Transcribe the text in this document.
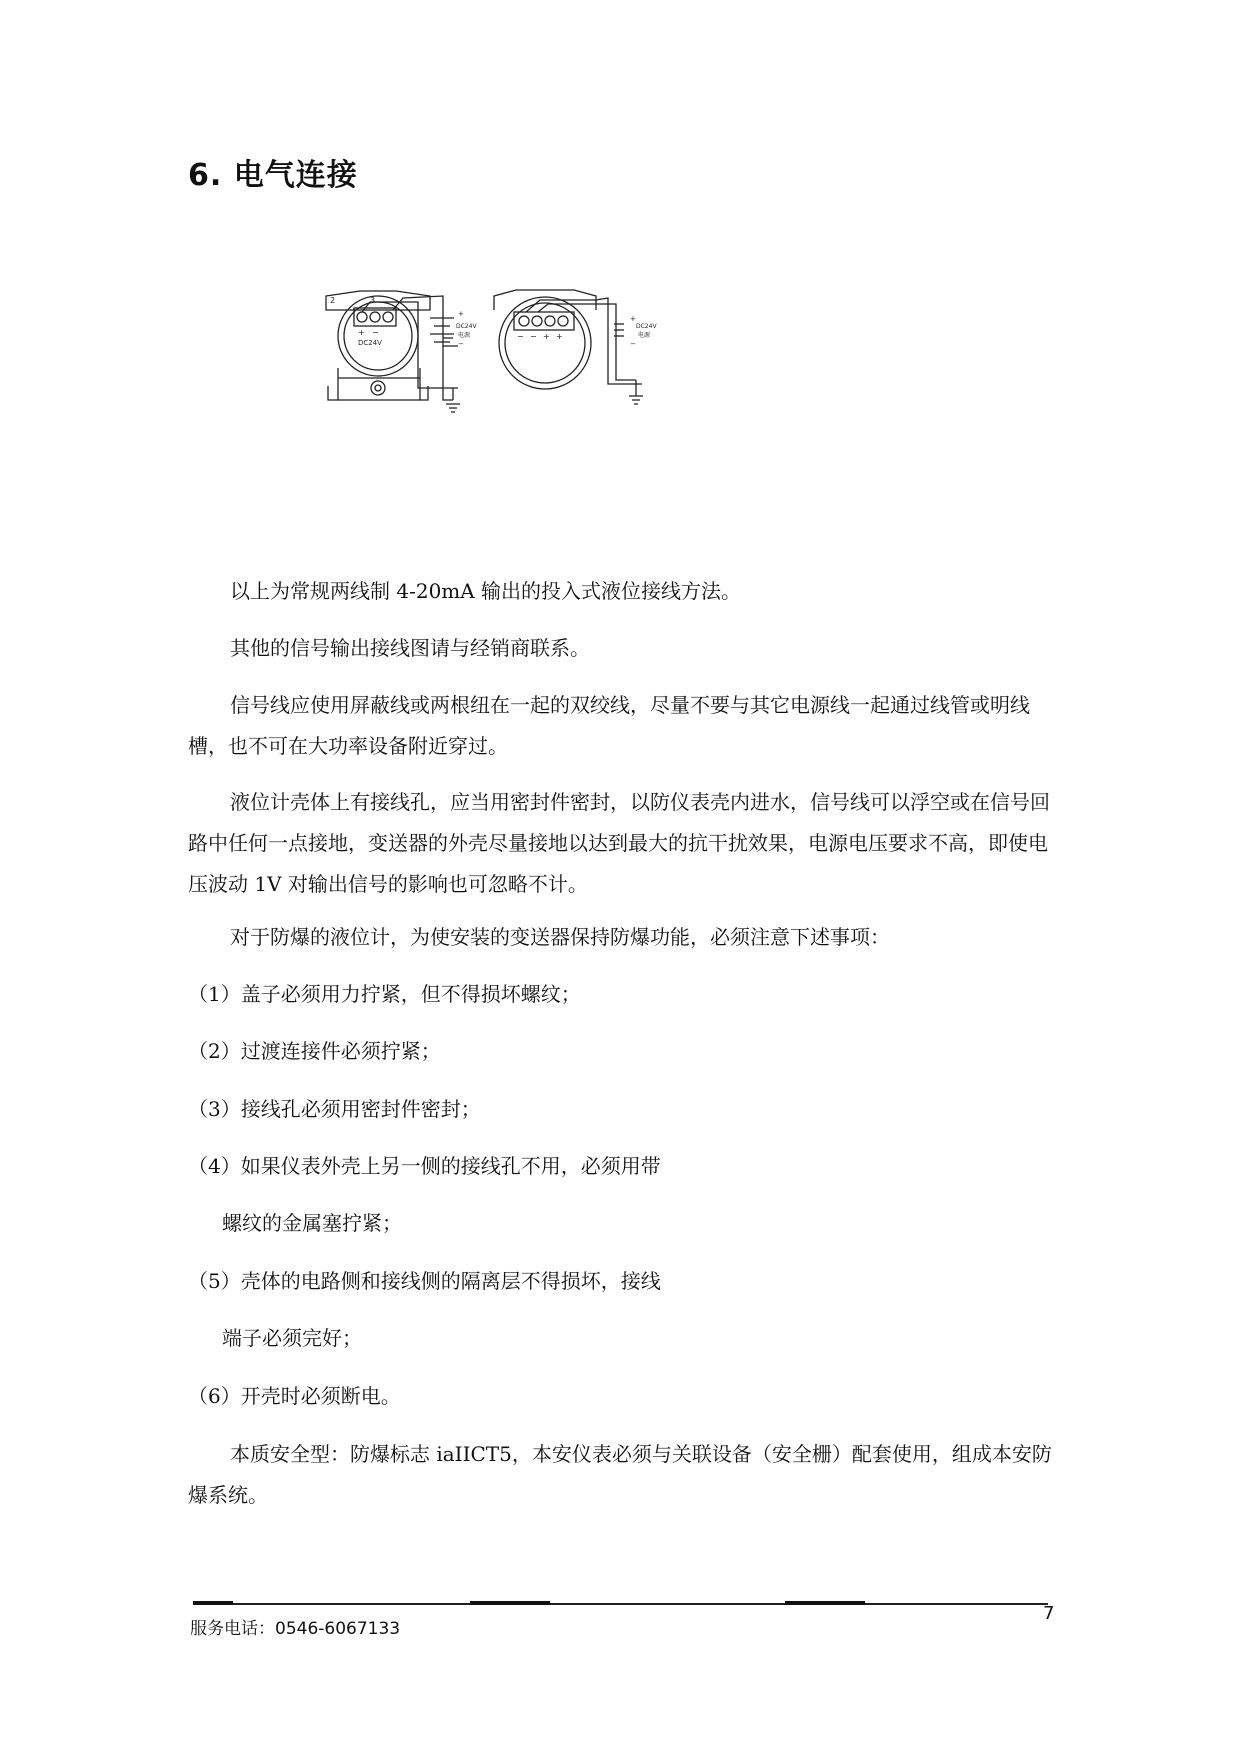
6. 电气连接
2	3
+ −
DC24V
+
−
DC24V
电源	− − + +
+
−
DC24V
电源

以上为常规两线制 4-20mA 输出的投入式液位接线方法。

其他的信号输出接线图请与经销商联系。

信号线应使用屏蔽线或两根纽在一起的双绞线，尽量不要与其它电源线一起通过线管或明线槽，也不可在大功率设备附近穿过。

液位计壳体上有接线孔，应当用密封件密封，以防仪表壳内进水，信号线可以浮空或在信号回路中任何一点接地，变送器的外壳尽量接地以达到最大的抗干扰效果，电源电压要求不高，即使电压波动 1V 对输出信号的影响也可忽略不计。

对于防爆的液位计，为使安装的变送器保持防爆功能，必须注意下述事项：

（1）盖子必须用力拧紧，但不得损坏螺纹；

（2）过渡连接件必须拧紧；

（3）接线孔必须用密封件密封；

（4）如果仪表外壳上另一侧的接线孔不用，必须用带

螺纹的金属塞拧紧；

（5）壳体的电路侧和接线侧的隔离层不得损坏，接线

端子必须完好；

（6）开壳时必须断电。

本质安全型：防爆标志 iaIICT5，本安仪表必须与关联设备（安全栅）配套使用，组成本安防爆系统。

服务电话：0546-6067133
7
